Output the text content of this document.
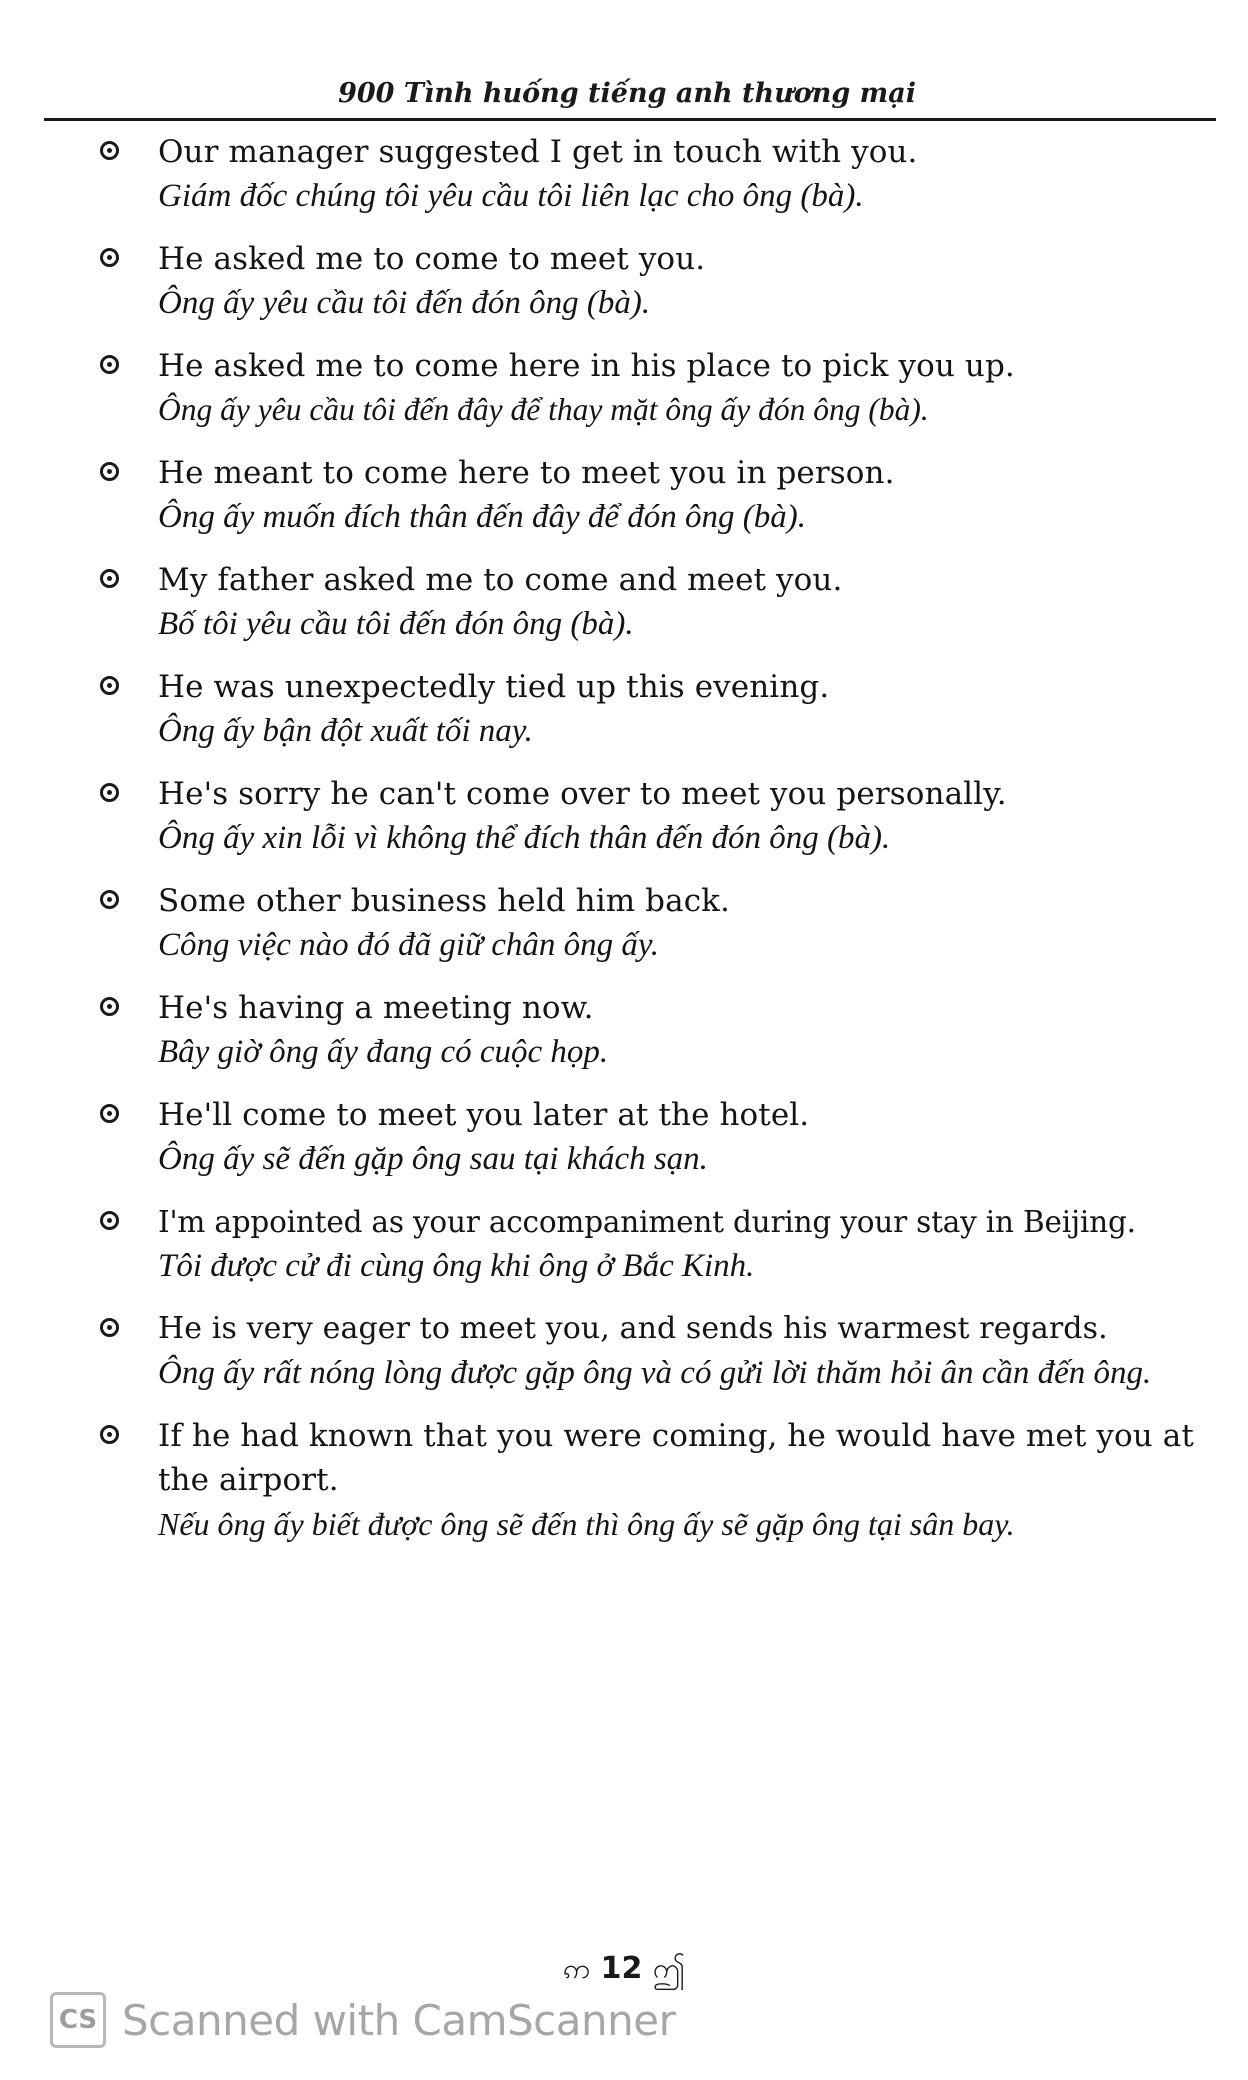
900 Tình huống tiếng anh thương mại
Our manager suggested I get in touch with you.
Giám đốc chúng tôi yêu cầu tôi liên lạc cho ông (bà).
He asked me to come to meet you.
Ông ấy yêu cầu tôi đến đón ông (bà).
He asked me to come here in his place to pick you up.
Ông ấy yêu cầu tôi đến đây để thay mặt ông ấy đón ông (bà).
He meant to come here to meet you in person.
Ông ấy muốn đích thân đến đây để đón ông (bà).
My father asked me to come and meet you.
Bố tôi yêu cầu tôi đến đón ông (bà).
He was unexpectedly tied up this evening.
Ông ấy bận đột xuất tối nay.
He's sorry he can't come over to meet you personally.
Ông ấy xin lỗi vì không thể đích thân đến đón ông (bà).
Some other business held him back.
Công việc nào đó đã giữ chân ông ấy.
He's having a meeting now.
Bây giờ ông ấy đang có cuộc họp.
He'll come to meet you later at the hotel.
Ông ấy sẽ đến gặp ông sau tại khách sạn.
I'm appointed as your accompaniment during your stay in Beijing.
Tôi được cử đi cùng ông khi ông ở Bắc Kinh.
He is very eager to meet you, and sends his warmest regards.
Ông ấy rất nóng lòng được gặp ông và có gửi lời thăm hỏi ân cần đến ông.
If he had known that you were coming, he would have met you at the airport.
Nếu ông ấy biết được ông sẽ đến thì ông ấy sẽ gặp ông tại sân bay.
ဢ 12 ဤ
CS Scanned with CamScanner
